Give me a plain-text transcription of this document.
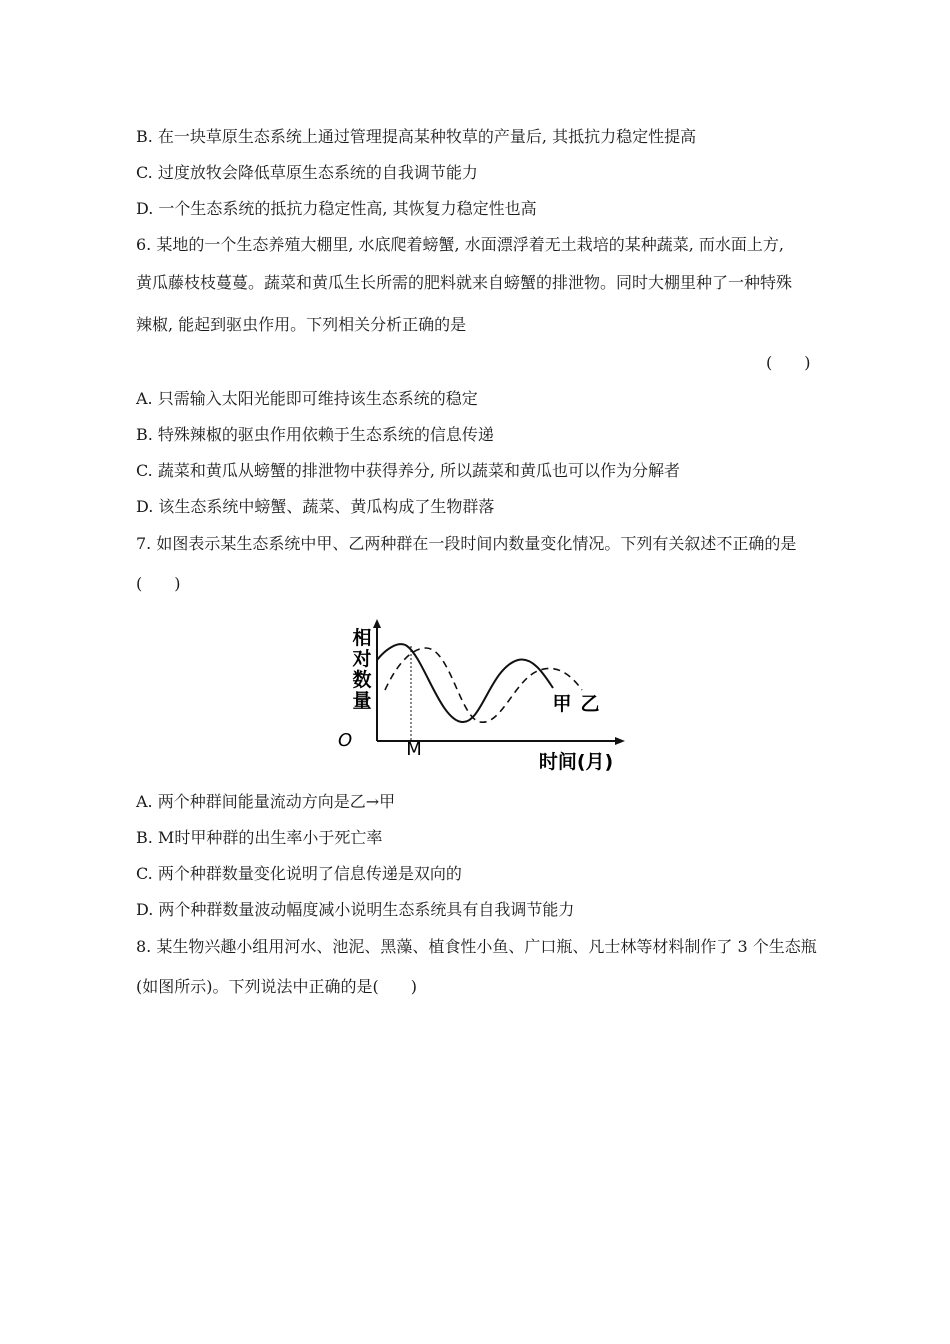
B. 在一块草原生态系统上通过管理提高某种牧草的产量后, 其抵抗力稳定性提高
C. 过度放牧会降低草原生态系统的自我调节能力
D. 一个生态系统的抵抗力稳定性高, 其恢复力稳定性也高
6. 某地的一个生态养殖大棚里, 水底爬着螃蟹, 水面漂浮着无土栽培的某种蔬菜, 而水面上方,
黄瓜藤枝枝蔓蔓。蔬菜和黄瓜生长所需的肥料就来自螃蟹的排泄物。同时大棚里种了一种特殊
辣椒, 能起到驱虫作用。下列相关分析正确的是
(　　)
A. 只需输入太阳光能即可维持该生态系统的稳定
B. 特殊辣椒的驱虫作用依赖于生态系统的信息传递
C. 蔬菜和黄瓜从螃蟹的排泄物中获得养分, 所以蔬菜和黄瓜也可以作为分解者
D. 该生态系统中螃蟹、蔬菜、黄瓜构成了生物群落
7. 如图表示某生态系统中甲、乙两种群在一段时间内数量变化情况。下列有关叙述不正确的是
(　　)
相
对
数
量	甲 乙
O	M
时间(月)
A. 两个种群间能量流动方向是乙→甲
B. M时甲种群的出生率小于死亡率
C. 两个种群数量变化说明了信息传递是双向的
D. 两个种群数量波动幅度减小说明生态系统具有自我调节能力
8. 某生物兴趣小组用河水、池泥、黑藻、植食性小鱼、广口瓶、凡士林等材料制作了 3 个生态瓶
(如图所示)。下列说法中正确的是(　　)
